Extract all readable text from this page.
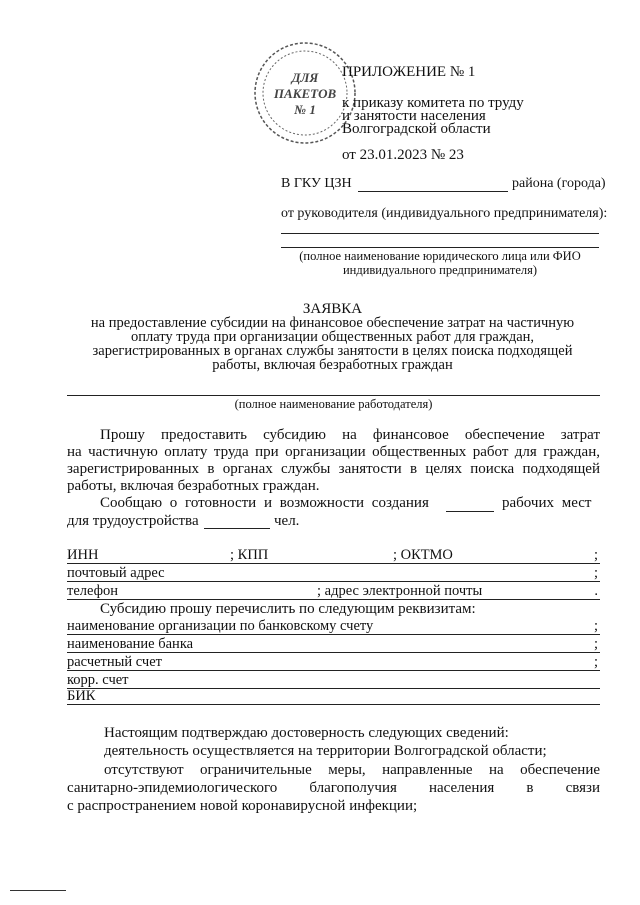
ДЛЯ
ПАКЕТОВ
№ 1
ПРИЛОЖЕНИЕ № 1
к приказу комитета по труду
и занятости населения
Волгоградской области
от 23.01.2023 № 23
В ГКУ ЦЗН	района (города)
от руководителя (индивидуального предпринимателя):
(полное наименование юридического лица или ФИО
индивидуального предпринимателя)
ЗАЯВКА
на предоставление субсидии на финансовое обеспечение затрат на частичную
оплату труда при организации общественных работ для граждан,
зарегистрированных в органах службы занятости в целях поиска подходящей
работы, включая безработных граждан
(полное наименование работодателя)
Прошу предоставить субсидию на финансовое обеспечение затрат
на частичную оплату труда при организации общественных работ для граждан,
зарегистрированных в органах службы занятости в целях поиска подходящей
работы, включая безработных граждан.
Сообщаю о готовности и возможности создания	рабочих мест
для трудоустройства	чел.
ИНН	; КПП	; ОКТМО	;
почтовый адрес	;
телефон	; адрес электронной почты	.
Субсидию прошу перечислить по следующим реквизитам:
наименование организации по банковскому счету	;
наименование банка	;
расчетный счет	;
корр. счет
БИК
Настоящим подтверждаю достоверность следующих сведений:
деятельность осуществляется на территории Волгоградской области;
отсутствуют ограничительные меры, направленные на обеспечение
санитарно-эпидемиологического благополучия населения в связи
с распространением новой коронавирусной инфекции;
